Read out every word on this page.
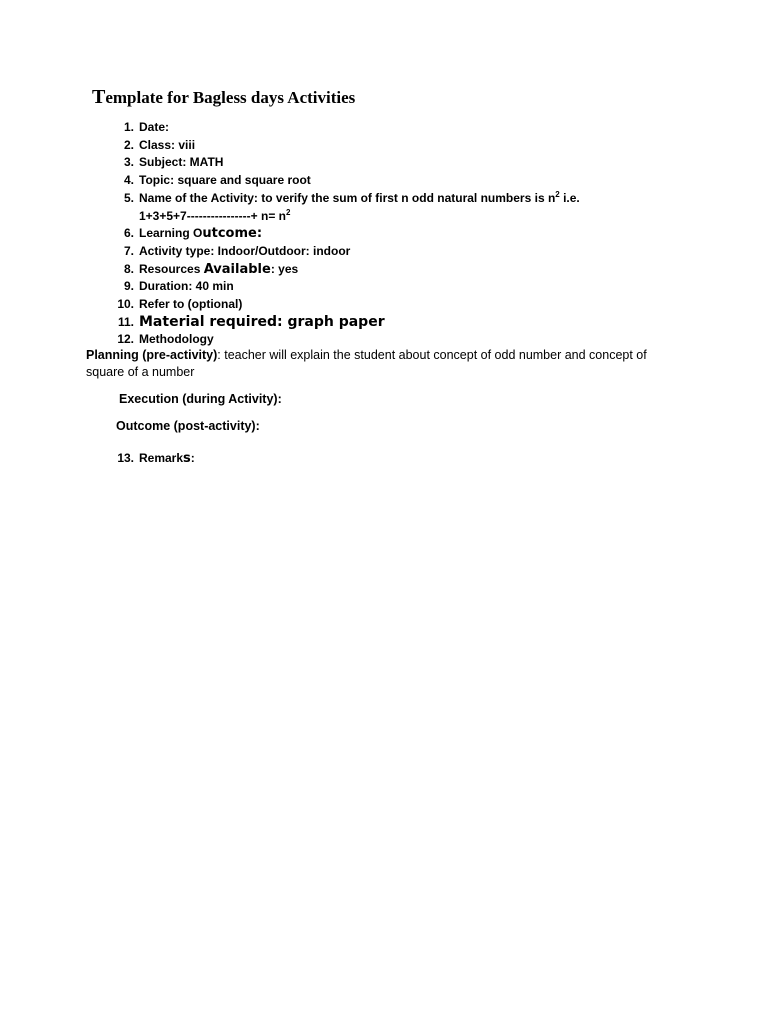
Template for Bagless days Activities
1. Date:
2. Class: viii
3. Subject: MATH
4. Topic: square and square root
5. Name of the Activity: to verify the sum of first n odd natural numbers is $n^2$ i.e.
$1+3+5+7----------------+ n= n^2$
6. Learning Outcome:
7. Activity type: Indoor/Outdoor: indoor
8. Resources Available: yes
9. Duration: 40 min
10. Refer to (optional)
11. Material required: graph paper
12. Methodology
Planning (pre-activity): teacher will explain the student about concept of odd number and concept of square of a number
Execution (during Activity):
Outcome (post-activity):
13. Remarks:
